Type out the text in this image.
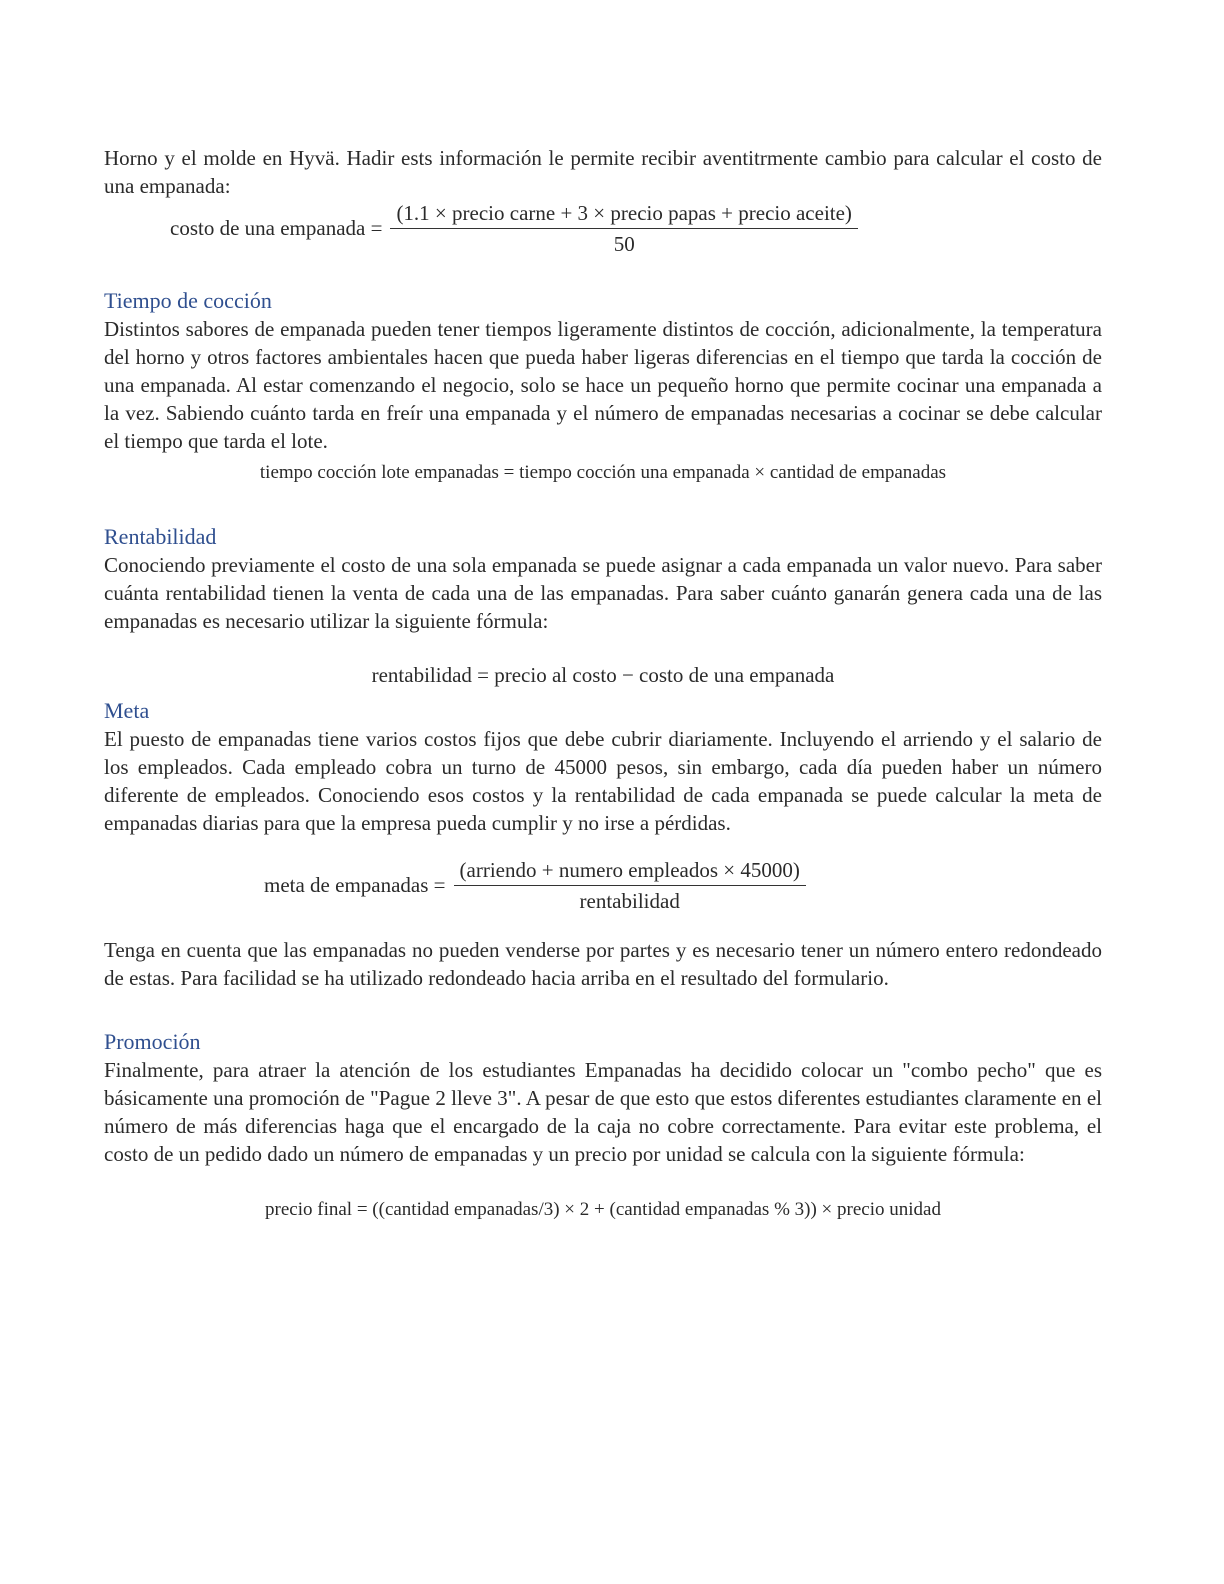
Horno y el molde en Hyvä. Hadir ests información le permite recibir aventitrmente cambio para calcular el costo de una empanada:

costo de una empanada = $\frac{\text{(1.1 × precio carne + 3 × precio papas + precio aceite)}}{50}$
Tiempo de cocción

Distintos sabores de empanada pueden tener tiempos ligeramente distintos de cocción, adicionalmente, la temperatura del horno y otros factores ambientales hacen que pueda haber ligeras diferencias en el tiempo que tarda la cocción de una empanada. Al estar comenzando el negocio, solo se hace un pequeño horno que permite cocinar una empanada a la vez. Sabiendo cuánto tarda en freír una empanada y el número de empanadas necesarias a cocinar se debe calcular el tiempo que tarda el lote.

tiempo cocción lote empanadas = tiempo cocción una empanada × cantidad de empanadas
Rentabilidad

Conociendo previamente el costo de una sola empanada se puede asignar a cada empanada un valor nuevo. Para saber cuánta rentabilidad tienen la venta de cada una de las empanadas. Para saber cuánto ganarán genera cada una de las empanadas es necesario utilizar la siguiente fórmula:

rentabilidad = precio al costo − costo de una empanada
Meta

El puesto de empanadas tiene varios costos fijos que debe cubrir diariamente. Incluyendo el arriendo y el salario de los empleados. Cada empleado cobra un turno de 45000 pesos, sin embargo, cada día pueden haber un número diferente de empleados. Conociendo esos costos y la rentabilidad de cada empanada se puede calcular la meta de empanadas diarias para que la empresa pueda cumplir y no irse a pérdidas.

meta de empanadas = $\frac{\text{(arriendo + numero empleados × 45000)}}{\text{rentabilidad}}$

Tenga en cuenta que las empanadas no pueden venderse por partes y es necesario tener un número entero redondeado de estas. Para facilidad se ha utilizado redondeado hacia arriba en el resultado del formulario.

Promoción

Finalmente, para atraer la atención de los estudiantes Empanadas ha decidido colocar un "combo pecho" que es básicamente una promoción de "Pague 2 lleve 3". A pesar de que esto que estos diferentes estudiantes claramente en el número de más diferencias haga que el encargado de la caja no cobre correctamente. Para evitar este problema, el costo de un pedido dado un número de empanadas y un precio por unidad se calcula con la siguiente fórmula:

precio final = ((cantidad empanadas/3) × 2 + (cantidad empanadas % 3)) × precio unidad
